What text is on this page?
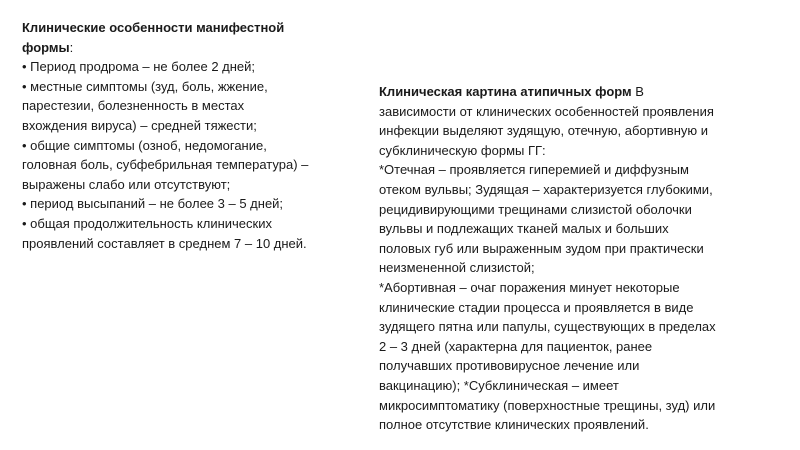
Клинические особенности манифестной
формы:
• Период продрома – не более 2 дней;
• местные симптомы (зуд, боль, жжение,
парестезии, болезненность в местах
вхождения вируса) – средней тяжести;
• общие симптомы (озноб, недомогание,
головная боль, субфебрильная температура) –
выражены слабо или отсутствуют;
• период высыпаний – не более 3 – 5 дней;
• общая продолжительность клинических
проявлений составляет в среднем 7 – 10 дней.
Клиническая картина атипичных форм В
зависимости от клинических особенностей проявления
инфекции выделяют зудящую, отечную, абортивную и
субклиническую формы ГГ:
*Отечная – проявляется гиперемией и диффузным
отеком вульвы; Зудящая – характеризуется глубокими,
рецидивирующими трещинами слизистой оболочки
вульвы и подлежащих тканей малых и больших
половых губ или выраженным зудом при практически
неизмененной слизистой;
*Абортивная – очаг поражения минует некоторые
клинические стадии процесса и проявляется в виде
зудящего пятна или папулы, существующих в пределах
2 – 3 дней (характерна для пациенток, ранее
получавших противовирусное лечение или
вакцинацию); *Субклиническая – имеет
микросимптоматику (поверхностные трещины, зуд) или
полное отсутствие клинических проявлений.
